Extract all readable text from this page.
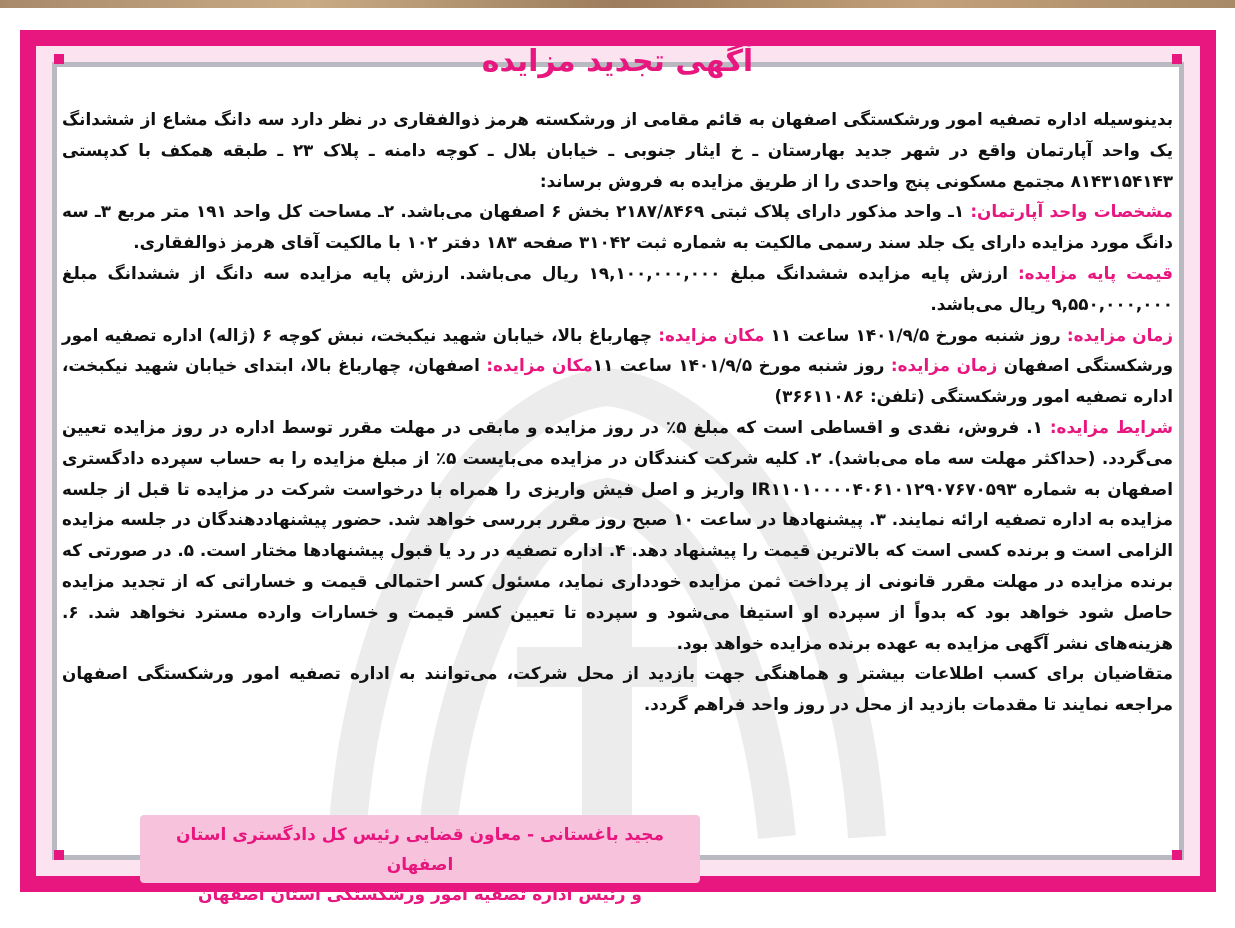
آگهی تجدید مزایده

بدینوسیله اداره تصفیه امور ورشکستگی اصفهان به قائم مقامی از ورشکسته هرمز ذوالفقاری در نظر دارد سه دانگ مشاع از ششدانگ یک واحد آپارتمان واقع در شهر جدید بهارستان ـ خ ایثار جنوبی ـ خیابان بلال ـ کوچه دامنه ـ پلاک ۲۳ ـ طبقه همکف با کدپستی ۸۱۴۳۱۵۴۱۴۳ مجتمع مسکونی پنج واحدی را از طریق مزایده به فروش برساند:

مشخصات واحد آپارتمان: ۱ـ واحد مذکور دارای پلاک ثبتی ۲۱۸۷/۸۴۶۹ بخش ۶ اصفهان می‌باشد. ۲ـ مساحت کل واحد ۱۹۱ متر مربع ۳ـ سه دانگ مورد مزایده دارای یک جلد سند رسمی مالکیت به شماره ثبت ۳۱۰۴۲ صفحه ۱۸۳ دفتر ۱۰۲ با مالکیت آقای هرمز ذوالفقاری.

قیمت پایه مزایده: ارزش پایه مزایده ششدانگ مبلغ ۱۹,۱۰۰,۰۰۰,۰۰۰ ریال می‌باشد. ارزش پایه مزایده سه دانگ از ششدانگ مبلغ ۹,۵۵۰,۰۰۰,۰۰۰ ریال می‌باشد.

زمان مزایده: روز شنبه مورخ ۱۴۰۱/۹/۵ ساعت ۱۱ مکان مزایده: چهارباغ بالا، خیابان شهید نیکبخت، نبش کوچه ۶ (ژاله) اداره تصفیه امور ورشکستگی اصفهان زمان مزایده: روز شنبه مورخ ۱۴۰۱/۹/۵ ساعت ۱۱مکان مزایده: اصفهان، چهارباغ بالا، ابتدای خیابان شهید نیکبخت، اداره تصفیه امور ورشکستگی (تلفن: ۳۶۶۱۱۰۸۶)

شرایط مزایده: ۱. فروش، نقدی و اقساطی است که مبلغ ۵٪ در روز مزایده و مابقی در مهلت مقرر توسط اداره در روز مزایده تعیین می‌گردد. (حداکثر مهلت سه ماه می‌باشد). ۲. کلیه شرکت کنندگان در مزایده می‌بایست ۵٪ از مبلغ مزایده را به حساب سپرده دادگستری اصفهان به شماره IR۱۱۰۱۰۰۰۰۴۰۶۱۰۱۲۹۰۷۶۷۰۵۹۳ واریز و اصل فیش واریزی را همراه با درخواست شرکت در مزایده تا قبل از جلسه مزایده به اداره تصفیه ارائه نمایند. ۳. پیشنهادها در ساعت ۱۰ صبح روز مقرر بررسی خواهد شد. حضور پیشنهاددهندگان در جلسه مزایده الزامی است و برنده کسی است که بالاترین قیمت را پیشنهاد دهد. ۴. اداره تصفیه در رد یا قبول پیشنهادها مختار است. ۵. در صورتی که برنده مزایده در مهلت مقرر قانونی از پرداخت ثمن مزایده خودداری نماید، مسئول کسر احتمالی قیمت و خساراتی که از تجدید مزایده حاصل شود خواهد بود که بدواً از سپرده او استیفا می‌شود و سپرده تا تعیین کسر قیمت و خسارات وارده مسترد نخواهد شد. ۶. هزینه‌های نشر آگهی مزایده به عهده برنده مزایده خواهد بود.

متقاضیان برای کسب اطلاعات بیشتر و هماهنگی جهت بازدید از محل شرکت، می‌توانند به اداره تصفیه امور ورشکستگی اصفهان مراجعه نمایند تا مقدمات بازدید از محل در روز واحد فراهم گردد.

مجید باغستانی - معاون قضایی رئیس کل دادگستری استان اصفهان
و رئیس اداره تصفیه امور ورشکستگی استان اصفهان
